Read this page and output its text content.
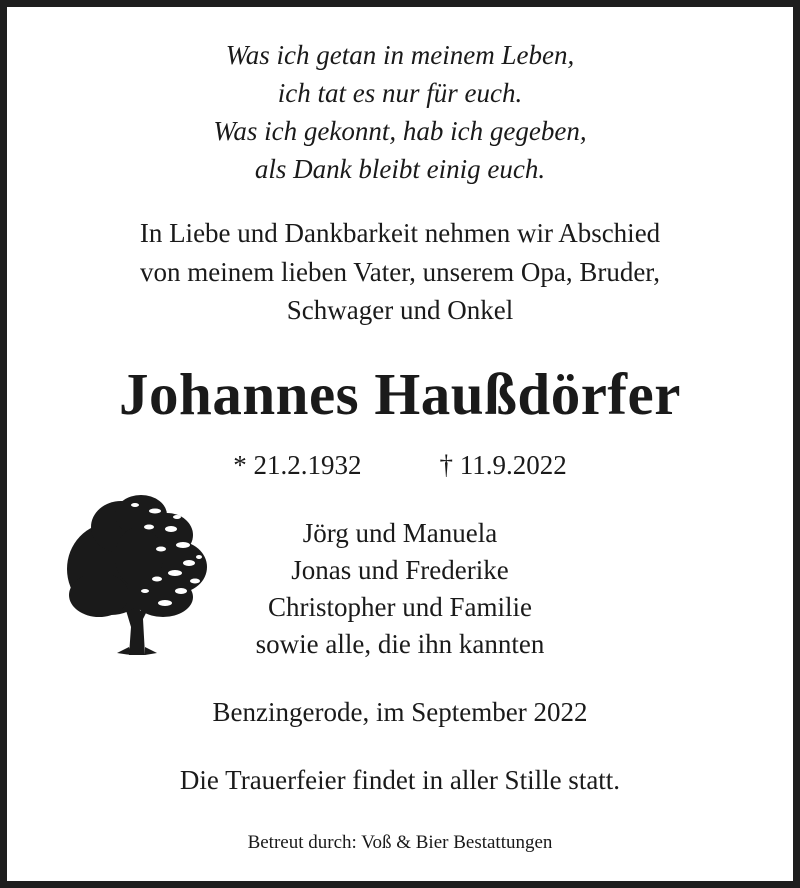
Was ich getan in meinem Leben,
ich tat es nur für euch.
Was ich gekonnt, hab ich gegeben,
als Dank bleibt einig euch.
In Liebe und Dankbarkeit nehmen wir Abschied
von meinem lieben Vater, unserem Opa, Bruder,
Schwager und Onkel
Johannes Haußdörfer
* 21.2.1932	† 11.9.2022
Jörg und Manuela
Jonas und Frederike
Christopher und Familie
sowie alle, die ihn kannten
Benzingerode, im September 2022
Die Trauerfeier findet in aller Stille statt.
Betreut durch: Voß & Bier Bestattungen
